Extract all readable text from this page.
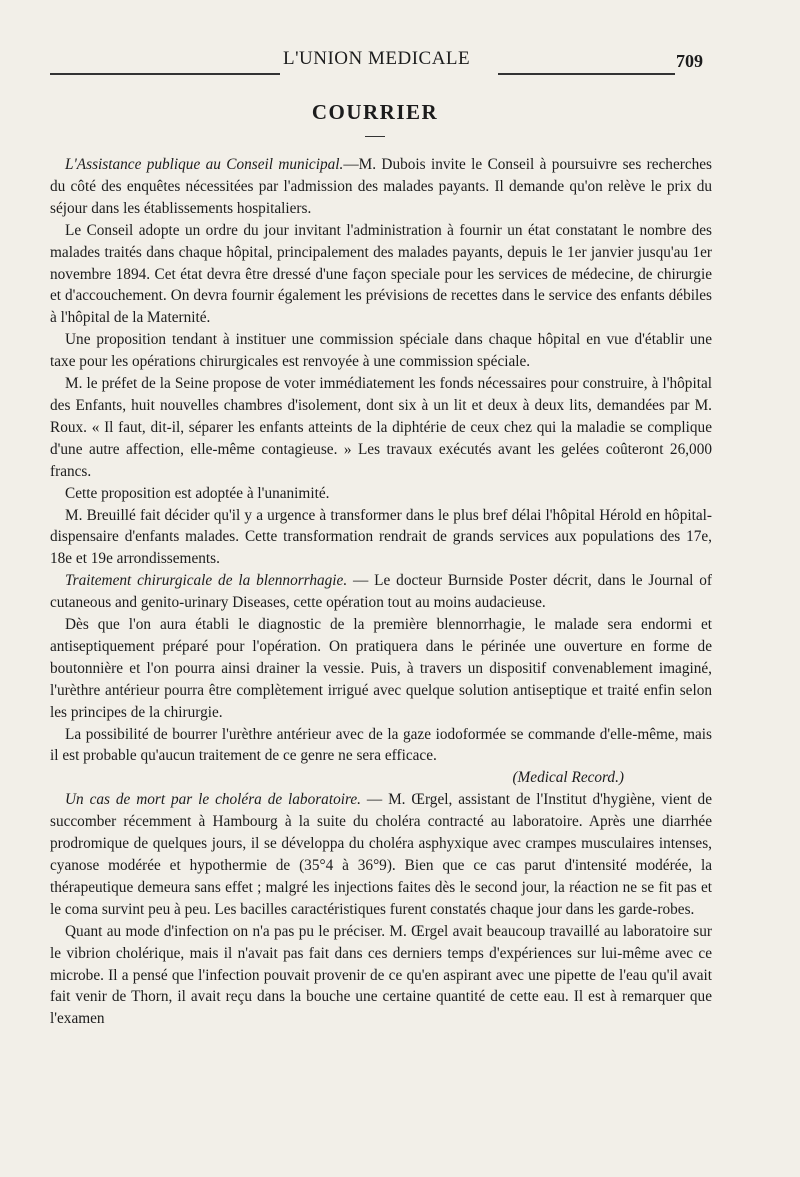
L'UNION MEDICALE	709
COURRIER

L'Assistance publique au Conseil municipal.—M. Dubois invite le Conseil à poursuivre ses recherches du côté des enquêtes nécessitées par l'admission des malades payants. Il demande qu'on relève le prix du séjour dans les établissements hospitaliers.

Le Conseil adopte un ordre du jour invitant l'administration à fournir un état constatant le nombre des malades traités dans chaque hôpital, principalement des malades payants, depuis le 1er janvier jusqu'au 1er novembre 1894. Cet état devra être dressé d'une façon speciale pour les services de médecine, de chirurgie et d'accouchement. On devra fournir également les prévisions de recettes dans le service des enfants débiles à l'hôpital de la Maternité.

Une proposition tendant à instituer une commission spéciale dans chaque hôpital en vue d'établir une taxe pour les opérations chirurgicales est renvoyée à une commission spéciale.

M. le préfet de la Seine propose de voter immédiatement les fonds nécessaires pour construire, à l'hôpital des Enfants, huit nouvelles chambres d'isolement, dont six à un lit et deux à deux lits, demandées par M. Roux. « Il faut, dit-il, séparer les enfants atteints de la diphtérie de ceux chez qui la maladie se complique d'une autre affection, elle-même contagieuse. » Les travaux exécutés avant les gelées coûteront 26,000 francs.

Cette proposition est adoptée à l'unanimité.

M. Breuillé fait décider qu'il y a urgence à transformer dans le plus bref délai l'hôpital Hérold en hôpital-dispensaire d'enfants malades. Cette transformation rendrait de grands services aux populations des 17e, 18e et 19e arrondissements.

Traitement chirurgicale de la blennorrhagie. — Le docteur Burnside Poster décrit, dans le Journal of cutaneous and genito-urinary Diseases, cette opération tout au moins audacieuse.

Dès que l'on aura établi le diagnostic de la première blennorrhagie, le malade sera endormi et antiseptiquement préparé pour l'opération. On pratiquera dans le périnée une ouverture en forme de boutonnière et l'on pourra ainsi drainer la vessie. Puis, à travers un dispositif convenablement imaginé, l'urèthre antérieur pourra être complètement irrigué avec quelque solution antiseptique et traité enfin selon les principes de la chirurgie.

La possibilité de bourrer l'urèthre antérieur avec de la gaze iodoformée se commande d'elle-même, mais il est probable qu'aucun traitement de ce genre ne sera efficace.

(Medical Record.)

Un cas de mort par le choléra de laboratoire. — M. Œrgel, assistant de l'Institut d'hygiène, vient de succomber récemment à Hambourg à la suite du choléra contracté au laboratoire. Après une diarrhée prodromique de quelques jours, il se développa du choléra asphyxique avec crampes musculaires intenses, cyanose modérée et hypothermie de (35°4 à 36°9). Bien que ce cas parut d'intensité modérée, la thérapeutique demeura sans effet ; malgré les injections faites dès le second jour, la réaction ne se fit pas et le coma survint peu à peu. Les bacilles caractéristiques furent constatés chaque jour dans les garde-robes.

Quant au mode d'infection on n'a pas pu le préciser. M. Œrgel avait beaucoup travaillé au laboratoire sur le vibrion cholérique, mais il n'avait pas fait dans ces derniers temps d'expériences sur lui-même avec ce microbe. Il a pensé que l'infection pouvait provenir de ce qu'en aspirant avec une pipette de l'eau qu'il avait fait venir de Thorn, il avait reçu dans la bouche une certaine quantité de cette eau. Il est à remarquer que l'examen
